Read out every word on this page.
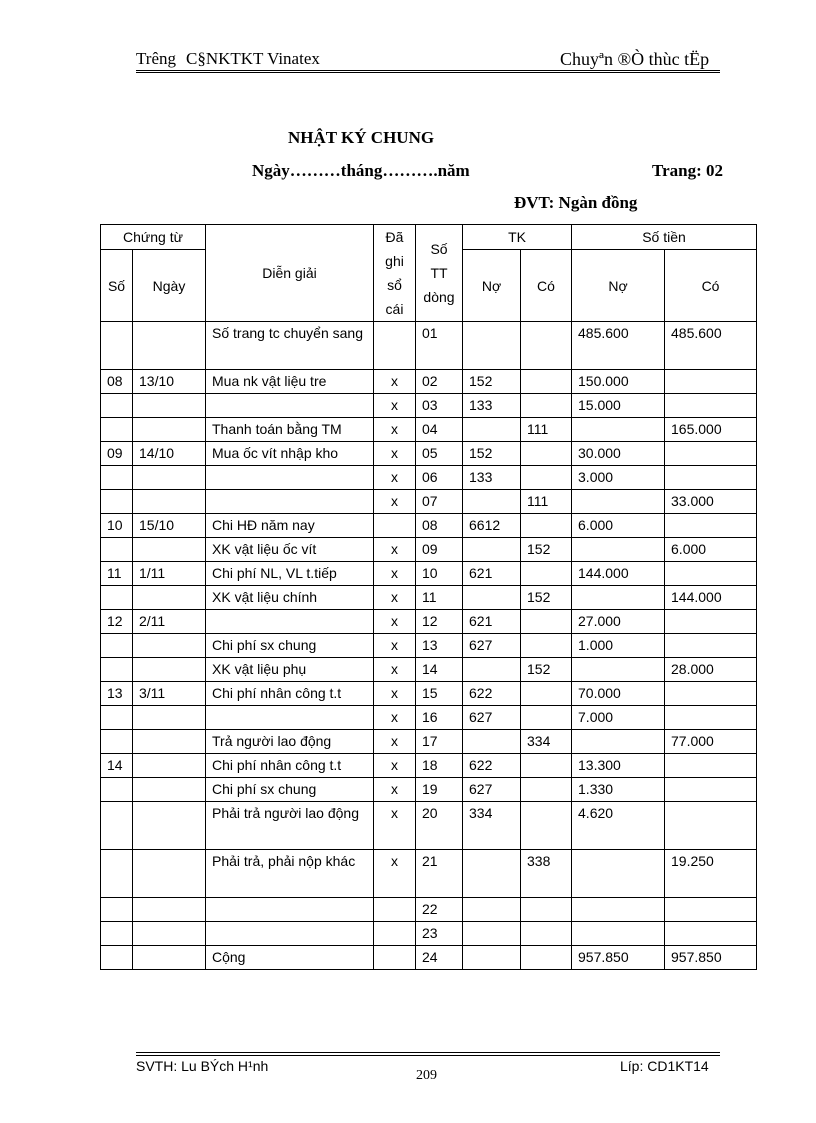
Trêng C§NKTKT Vinatex	Chuyªn ®Ò thùc tËp
NHẬT KÝ CHUNG
Ngày………tháng……….năm	Trang: 02
ĐVT: Ngàn đồng
Chứng từ		Diễn giải	Đã ghi sổ cái	Số TT dòng	TK		Số tiền	
Số	Ngày				Nợ	Có	Nợ	Có

		Số trang tc chuyển sang		01			485.600	485.600
08	13/10	Mua nk vật liệu tre	x	02	152		150.000	
			x	03	133		15.000	
		Thanh toán bằng TM	x	04		111		165.000
09	14/10	Mua ốc vít nhập kho	x	05	152		30.000	
			x	06	133		3.000	
			x	07		111		33.000
10	15/10	Chi HĐ năm nay		08	6612		6.000	
		XK vật liệu ốc vít	x	09		152		6.000
11	1/11	Chi phí NL, VL t.tiếp	x	10	621		144.000	
		XK vật liệu chính	x	11		152		144.000
12	2/11		x	12	621		27.000	
		Chi phí sx chung	x	13	627		1.000	
		XK vật liệu phụ	x	14		152		28.000
13	3/11	Chi phí nhân công t.t	x	15	622		70.000	
			x	16	627		7.000	
		Trả người lao động	x	17		334		77.000
14		Chi phí nhân công t.t	x	18	622		13.300	
		Chi phí sx chung	x	19	627		1.330	

		Phải trả người lao động	x	20	334		4.620	

		Phải trả, phải nộp khác	x	21		338		19.250
				22				
				23				
		Cộng		24			957.850	957.850
SVTH: Lu BÝch H¹nh
209
Líp: CD1KT14
